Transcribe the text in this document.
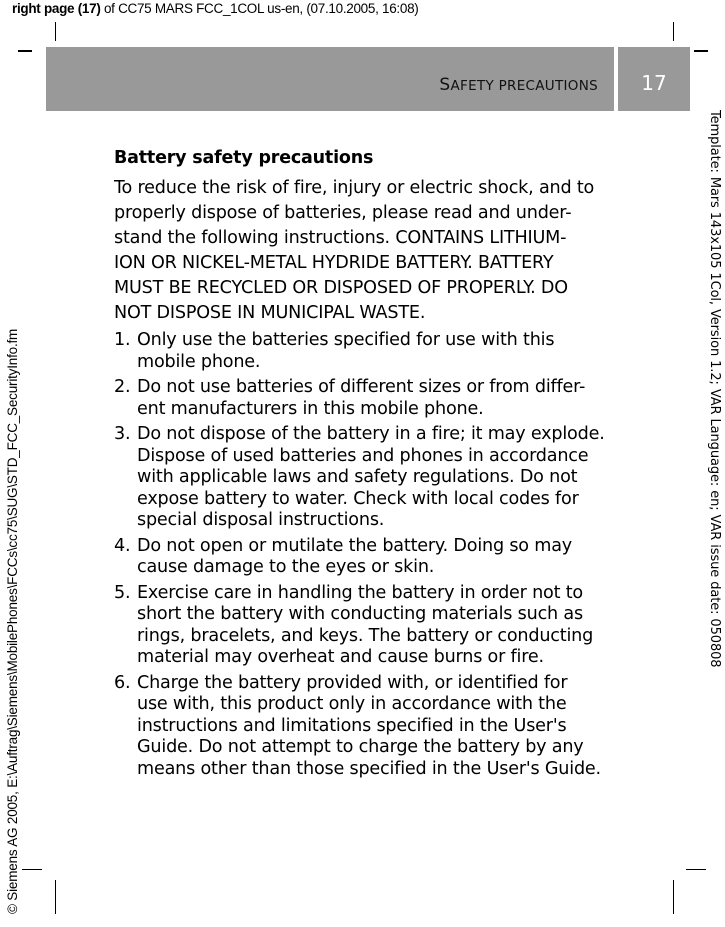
right page (17) of CC75 MARS FCC_1COL us-en, (07.10.2005, 16:08)
SAFETY PRECAUTIONS	17
Template: Mars 143x105 1Col, Version 1.2; VAR Language: en; VAR issue date: 050808
© Siemens AG 2005, E:\Auftrag\Siemens\MobilePhones\FCCs\cc75\SUG\STD_FCC_SecurityInfo.fm
Battery safety precautions
To reduce the risk of fire, injury or electric shock, and to
properly dispose of batteries, please read and under-
stand the following instructions. CONTAINS LITHIUM-
ION OR NICKEL-METAL HYDRIDE BATTERY. BATTERY
MUST BE RECYCLED OR DISPOSED OF PROPERLY. DO
NOT DISPOSE IN MUNICIPAL WASTE.
1. Only use the batteries specified for use with this
mobile phone.
2. Do not use batteries of different sizes or from differ-
ent manufacturers in this mobile phone.
3. Do not dispose of the battery in a fire; it may explode.
Dispose of used batteries and phones in accordance
with applicable laws and safety regulations. Do not
expose battery to water. Check with local codes for
special disposal instructions.
4. Do not open or mutilate the battery. Doing so may
cause damage to the eyes or skin.
5. Exercise care in handling the battery in order not to
short the battery with conducting materials such as
rings, bracelets, and keys. The battery or conducting
material may overheat and cause burns or fire.
6. Charge the battery provided with, or identified for
use with, this product only in accordance with the
instructions and limitations specified in the User's
Guide. Do not attempt to charge the battery by any
means other than those specified in the User's Guide.
